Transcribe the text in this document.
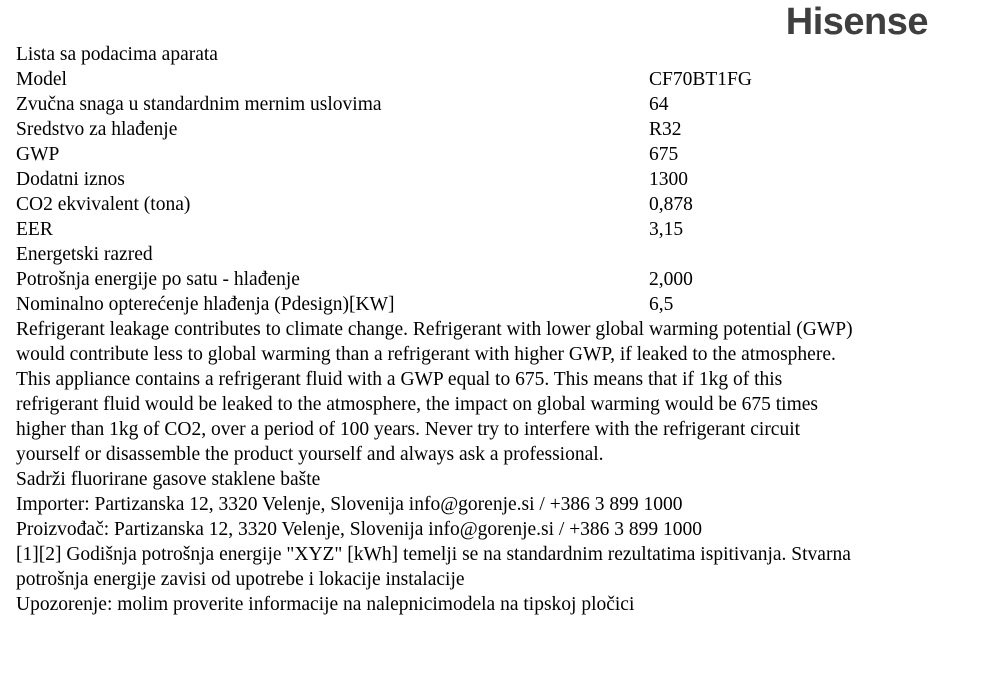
Hisense
Lista sa podacima aparata
Model	CF70BT1FG
Zvučna snaga u standardnim mernim uslovima	64
Sredstvo za hlađenje	R32
GWP	675
Dodatni iznos	1300
CO2 ekvivalent (tona)	0,878
EER	3,15
Energetski razred
Potrošnja energije po satu - hlađenje	2,000
Nominalno opterećenje hlađenja (Pdesign)[KW]	6,5
Refrigerant leakage contributes to climate change. Refrigerant with lower global warming potential (GWP)
would contribute less to global warming than a refrigerant with higher GWP, if leaked to the atmosphere.
This appliance contains a refrigerant fluid with a GWP equal to 675. This means that if 1kg of this
refrigerant fluid would be leaked to the atmosphere, the impact on global warming would be 675 times
higher than 1kg of CO2, over a period of 100 years. Never try to interfere with the refrigerant circuit
yourself or disassemble the product yourself and always ask a professional.
Sadrži fluorirane gasove staklene bašte
Importer: Partizanska 12, 3320 Velenje, Slovenija info@gorenje.si / +386 3 899 1000
Proizvođač: Partizanska 12, 3320 Velenje, Slovenija info@gorenje.si / +386 3 899 1000
[1][2] Godišnja potrošnja energije "XYZ" [kWh] temelji se na standardnim rezultatima ispitivanja. Stvarna
potrošnja energije zavisi od upotrebe i lokacije instalacije
Upozorenje: molim proverite informacije na nalepnicimodela na tipskoj pločici
